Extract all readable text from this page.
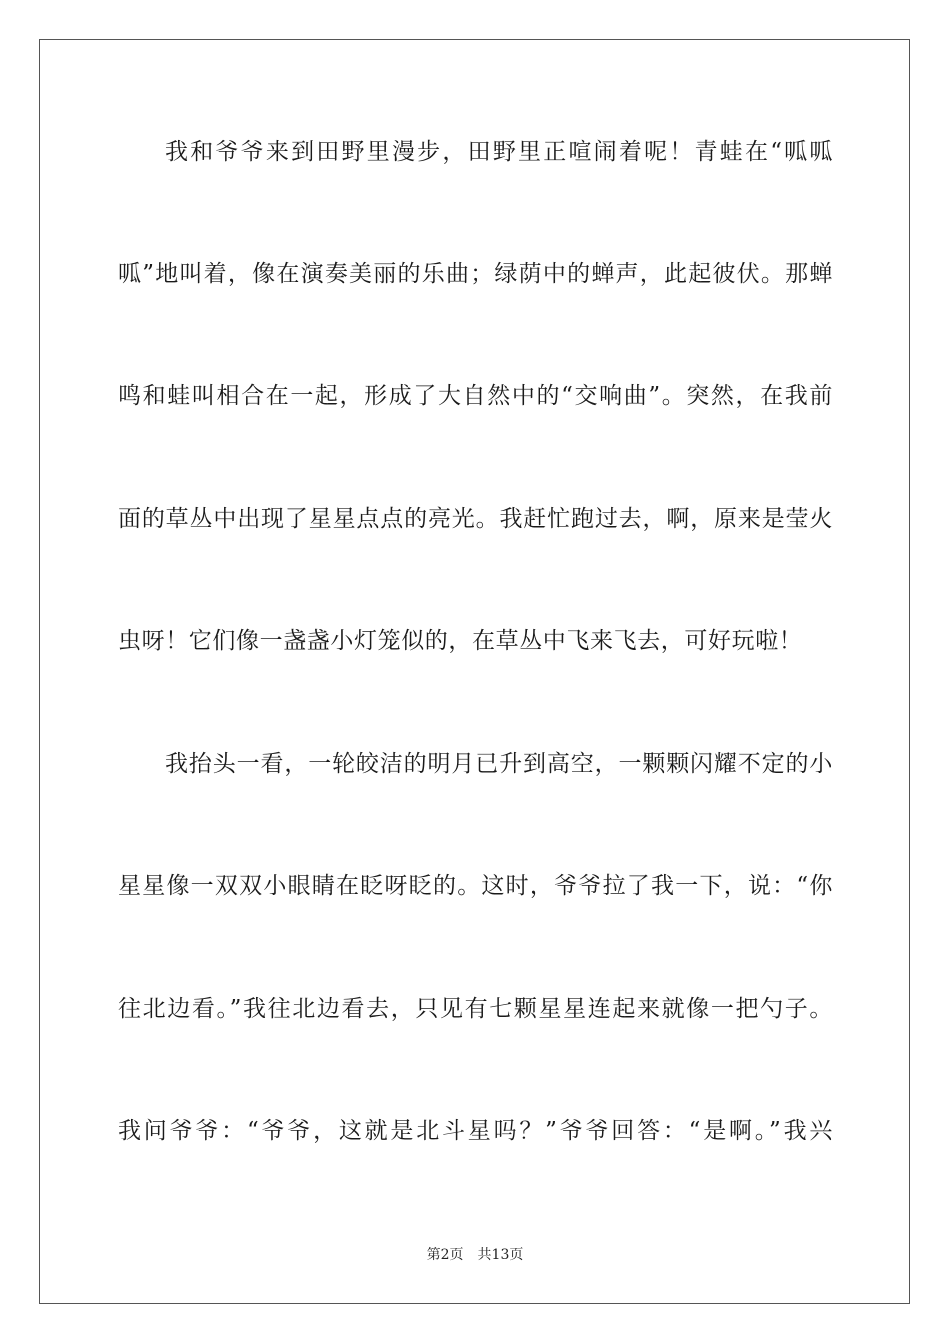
我和爷爷来到田野里漫步，田野里正喧闹着呢！青蛙在“呱呱
呱”地叫着，像在演奏美丽的乐曲；绿荫中的蝉声，此起彼伏。那蝉
鸣和蛙叫相合在一起，形成了大自然中的“交响曲”。突然，在我前
面的草丛中出现了星星点点的亮光。我赶忙跑过去，啊，原来是莹火
虫呀！它们像一盏盏小灯笼似的，在草丛中飞来飞去，可好玩啦！
我抬头一看，一轮皎洁的明月已升到高空，一颗颗闪耀不定的小
星星像一双双小眼睛在眨呀眨的。这时，爷爷拉了我一下，说：“你
往北边看。”我往北边看去，只见有七颗星星连起来就像一把勺子。
我问爷爷：“爷爷，这就是北斗星吗？”爷爷回答：“是啊。”我兴
第2页 共13页
